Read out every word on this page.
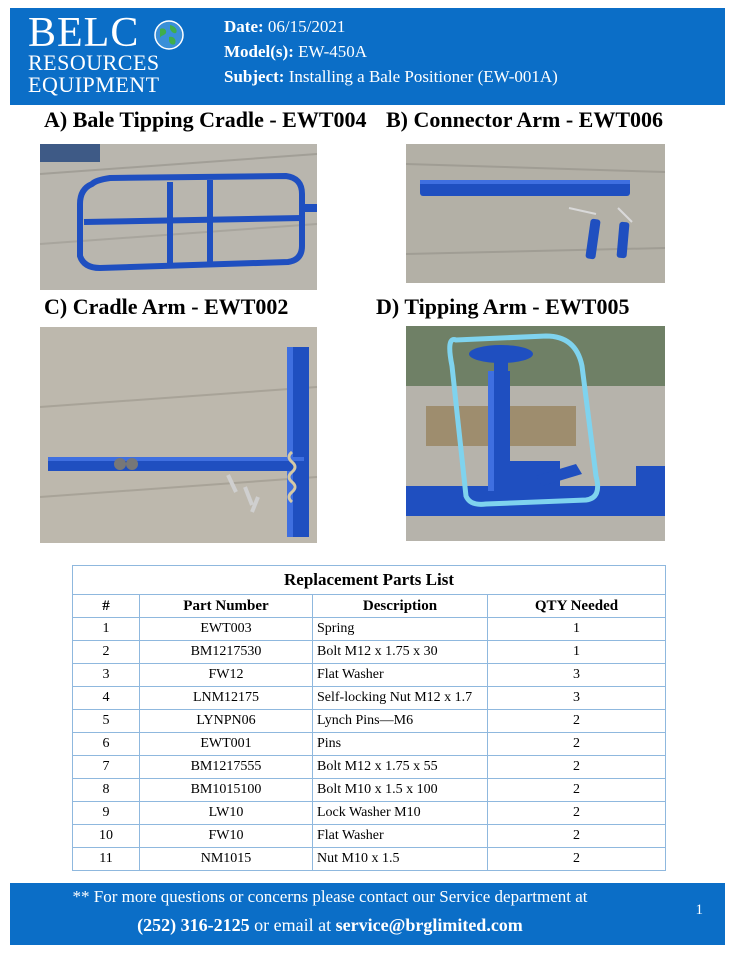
BELC
RESOURCES
EQUIPMENT
Date: 06/15/2021
Model(s): EW-450A
Subject: Installing a Bale Positioner (EW-001A)
A) Bale Tipping Cradle - EWT004 B) Connector Arm - EWT006
C) Cradle Arm - EWT002	D) Tipping Arm - EWT005
Replacement Parts List			
#	Part Number	Description	QTY Needed
1	EWT003	Spring	1
2	BM1217530	Bolt M12 x 1.75 x 30	1
3	FW12	Flat Washer	3
4	LNM12175	Self-locking Nut M12 x 1.7	3
5	LYNPN06	Lynch Pins—M6	2
6	EWT001	Pins	2
7	BM1217555	Bolt M12 x 1.75 x 55	2
8	BM1015100	Bolt M10 x 1.5 x 100	2
9	LW10	Lock Washer M10	2
10	FW10	Flat Washer	2
11	NM1015	Nut M10 x 1.5	2
** For more questions or concerns please contact our Service department at
(252) 316-2125 or email at service@brglimited.com
1
